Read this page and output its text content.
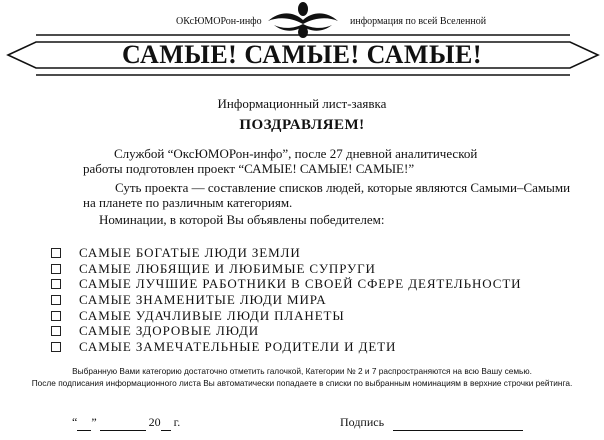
ОКсЮМОРон-инфо	информация по всей Вселенной
САМЫЕ! САМЫЕ! САМЫЕ!
Информационный лист-заявка
ПОЗДРАВЛЯЕМ!
Службой “ОксЮМОРон-инфо”, после 27 дневной аналитической
работы подготовлен проект “САМЫЕ! САМЫЕ! САМЫЕ!”
Суть проекта — составление списков людей, которые являются Самыми–Самыми
на планете по различным категориям.
Номинации, в которой Вы объявлены победителем:
САМЫЕ БОГАТЫЕ ЛЮДИ ЗЕМЛИ
САМЫЕ ЛЮБЯЩИЕ И ЛЮБИМЫЕ СУПРУГИ
САМЫЕ ЛУЧШИЕ РАБОТНИКИ В СВОЕЙ СФЕРЕ ДЕЯТЕЛЬНОСТИ
САМЫЕ ЗНАМЕНИТЫЕ ЛЮДИ МИРА
САМЫЕ УДАЧЛИВЫЕ ЛЮДИ ПЛАНЕТЫ
САМЫЕ ЗДОРОВЫЕ ЛЮДИ
САМЫЕ ЗАМЕЧАТЕЛЬНЫЕ РОДИТЕЛИ И ДЕТИ
Выбранную Вами категорию достаточно отметить галочкой, Категории № 2 и 7 распространяются на всю Вашу семью.
После подписания информационного листа Вы автоматически попадаете в списки по выбранным номинациям в верхние строчки рейтинга.
“ ”	20 г.	Подпись
